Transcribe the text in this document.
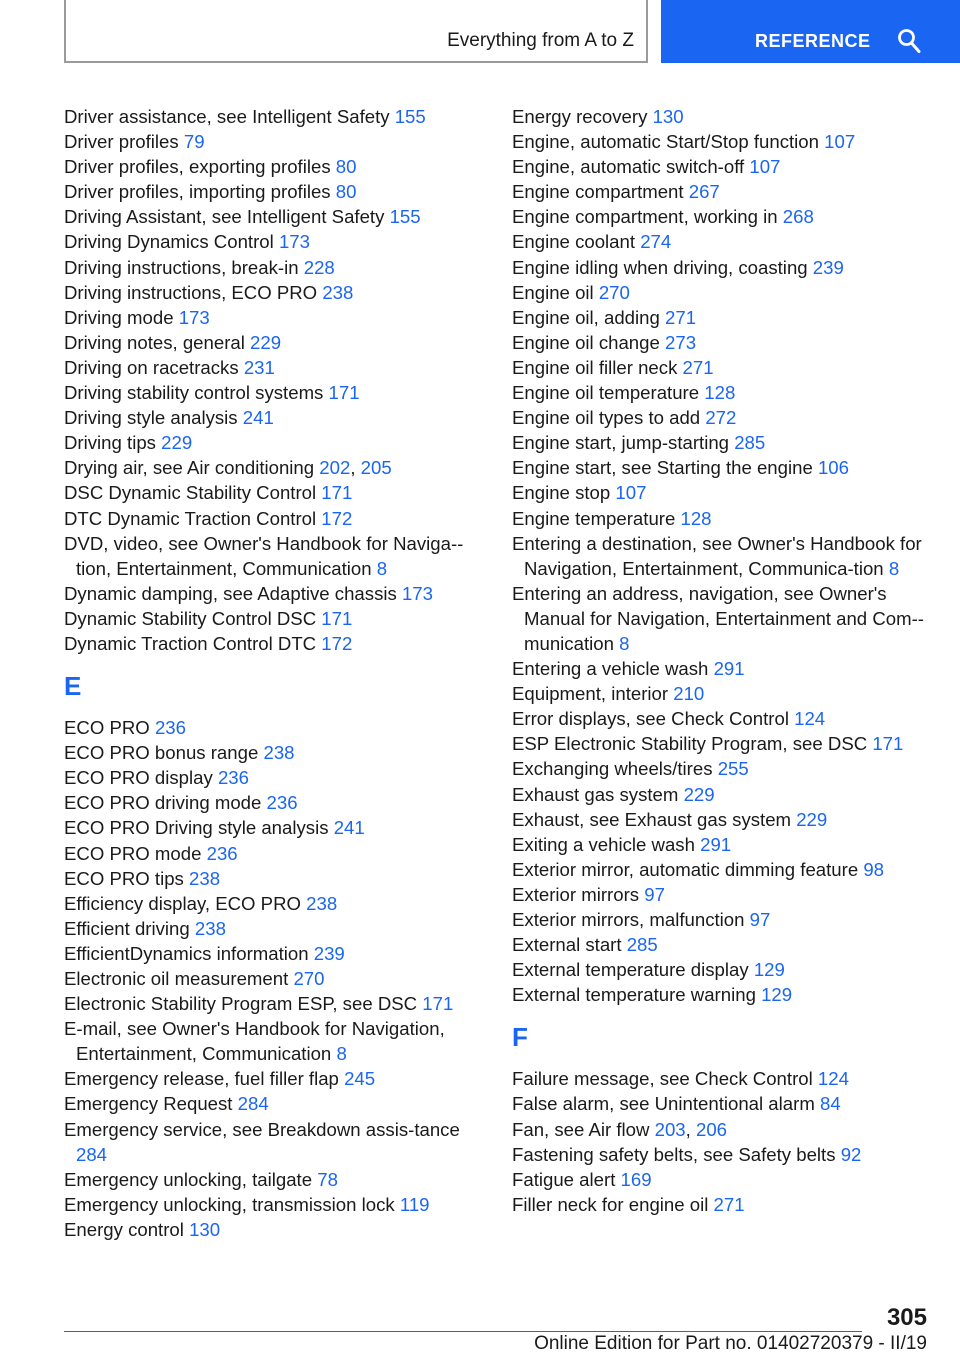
Everything from A to Z	REFERENCE
Driver assistance, see Intelligent Safety 155
Driver profiles 79
Driver profiles, exporting profiles 80
Driver profiles, importing profiles 80
Driving Assistant, see Intelligent Safety 155
Driving Dynamics Control 173
Driving instructions, break-in 228
Driving instructions, ECO PRO 238
Driving mode 173
Driving notes, general 229
Driving on racetracks 231
Driving stability control systems 171
Driving style analysis 241
Driving tips 229
Drying air, see Air conditioning 202, 205
DSC Dynamic Stability Control 171
DTC Dynamic Traction Control 172
DVD, video, see Owner's Handbook for Naviga-tion, Entertainment, Communication 8
Dynamic damping, see Adaptive chassis 173
Dynamic Stability Control DSC 171
Dynamic Traction Control DTC 172
E
ECO PRO 236
ECO PRO bonus range 238
ECO PRO display 236
ECO PRO driving mode 236
ECO PRO Driving style analysis 241
ECO PRO mode 236
ECO PRO tips 238
Efficiency display, ECO PRO 238
Efficient driving 238
EfficientDynamics information 239
Electronic oil measurement 270
Electronic Stability Program ESP, see DSC 171
E-mail, see Owner's Handbook for Navigation, Entertainment, Communication 8
Emergency release, fuel filler flap 245
Emergency Request 284
Emergency service, see Breakdown assis-tance 284
Emergency unlocking, tailgate 78
Emergency unlocking, transmission lock 119
Energy control 130
Energy recovery 130
Engine, automatic Start/Stop function 107
Engine, automatic switch-off 107
Engine compartment 267
Engine compartment, working in 268
Engine coolant 274
Engine idling when driving, coasting 239
Engine oil 270
Engine oil, adding 271
Engine oil change 273
Engine oil filler neck 271
Engine oil temperature 128
Engine oil types to add 272
Engine start, jump-starting 285
Engine start, see Starting the engine 106
Engine stop 107
Engine temperature 128
Entering a destination, see Owner's Handbook for Navigation, Entertainment, Communica-tion 8
Entering an address, navigation, see Owner's Manual for Navigation, Entertainment and Com-munication 8
Entering a vehicle wash 291
Equipment, interior 210
Error displays, see Check Control 124
ESP Electronic Stability Program, see DSC 171
Exchanging wheels/tires 255
Exhaust gas system 229
Exhaust, see Exhaust gas system 229
Exiting a vehicle wash 291
Exterior mirror, automatic dimming feature 98
Exterior mirrors 97
Exterior mirrors, malfunction 97
External start 285
External temperature display 129
External temperature warning 129
F
Failure message, see Check Control 124
False alarm, see Unintentional alarm 84
Fan, see Air flow 203, 206
Fastening safety belts, see Safety belts 92
Fatigue alert 169
Filler neck for engine oil 271
305
Online Edition for Part no. 01402720379 - II/19
